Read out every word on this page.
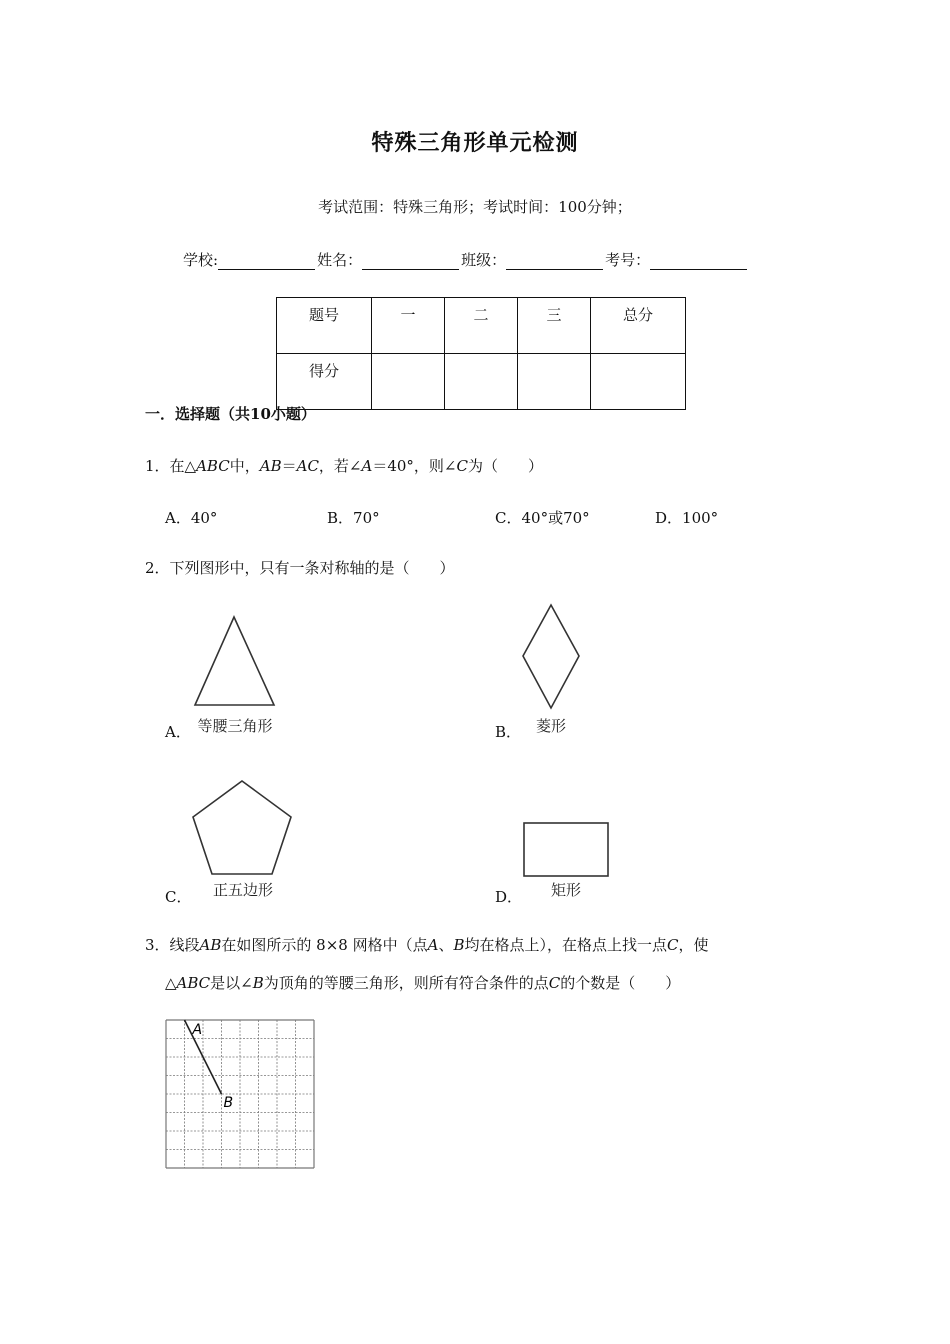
特殊三角形单元检测
考试范围：特殊三角形；考试时间：100分钟；
学校:	姓名：	班级：	考号：
题号	一	二	三	总分
得分				
一．选择题（共10小题）
1．在△ABC中，AB＝AC，若∠A＝40°，则∠C为（　　）
A．40°	B．70°	C．40°或70°	D．100°
2．下列图形中，只有一条对称轴的是（　　）
等腰三角形
A．	菱形
B．
正五边形
C．	矩形
D．
3．线段AB在如图所示的 8×8 网格中（点A、B均在格点上），在格点上找一点C，使
△ABC是以∠B为顶角的等腰三角形，则所有符合条件的点C的个数是（　　）
A
B
